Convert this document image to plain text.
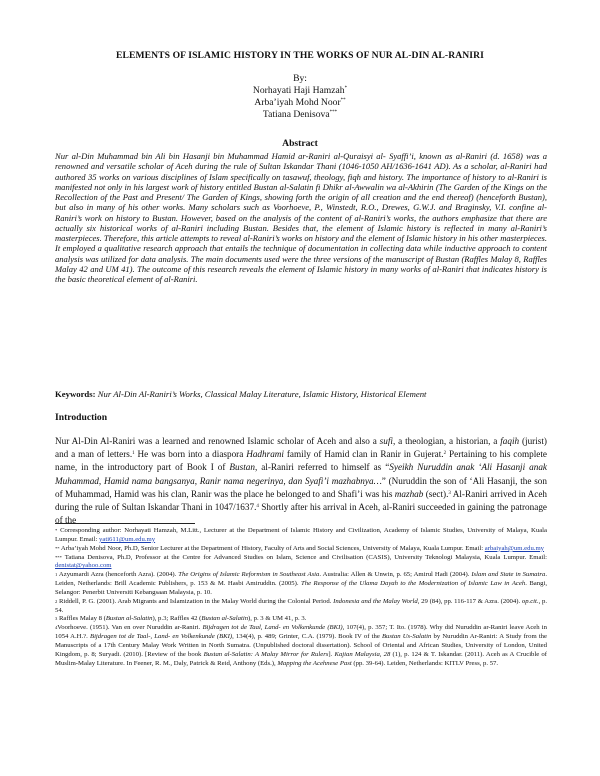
ELEMENTS OF ISLAMIC HISTORY IN THE WORKS OF NUR AL-DIN AL-RANIRI
By:
Norhayati Haji Hamzah*
Arba’iyah Mohd Noor**
Tatiana Denisova***
Abstract
Nur al-Din Muhammad bin Ali bin Hasanji bin Muhammad Hamid ar-Raniri al-Quraisyi al- Syaffi’i, known as al-Raniri (d. 1658) was a renowned and versatile scholar of Aceh during the rule of Sultan Iskandar Thani (1046-1050 AH/1636-1641 AD). As a scholar, al-Raniri had authored 35 works on various disciplines of Islam specifically on tasawuf, theology, fiqh and history. The importance of history to al-Raniri is manifested not only in his largest work of history entitled Bustan al-Salatin fi Dhikr al-Awwalin wa al-Akhirin (The Garden of the Kings on the Recollection of the Past and Present/ The Garden of Kings, showing forth the origin of all creation and the end thereof) (henceforth Bustan), but also in many of his other works. Many scholars such as Voorhoeve, P., Winstedt, R.O., Drewes, G.W.J. and Braginsky, V.I. confine al-Raniri’s work on history to Bustan. However, based on the analysis of the content of al-Raniri’s works, the authors emphasize that there are actually six historical works of al-Raniri including Bustan. Besides that, the element of Islamic history is reflected in many al-Raniri’s masterpieces. Therefore, this article attempts to reveal al-Raniri’s works on history and the element of Islamic history in his other masterpieces. It employed a qualitative research approach that entails the technique of documentation in collecting data while inductive approach to content analysis was utilized for data analysis. The main documents used were the three versions of the manuscript of Bustan (Raffles Malay 8, Raffles Malay 42 and UM 41). The outcome of this research reveals the element of Islamic history in many works of al-Raniri that indicates history is the basic theoretical element of al-Raniri.
Keywords: Nur Al-Din Al-Raniri’s Works, Classical Malay Literature, Islamic History, Historical Element
Introduction
Nur Al-Din Al-Raniri was a learned and renowned Islamic scholar of Aceh and also a sufi, a theologian, a historian, a faqih (jurist) and a man of letters.$^1$ He was born into a diaspora Hadhrami family of Hamid clan in Ranir in Gujerat.$^2$ Pertaining to his complete name, in the introductory part of Book I of Bustan, al-Raniri referred to himself as “Syeikh Nuruddin anak ‘Ali Hasanji anak Muhammad, Hamid nama bangsanya, Ranir nama negerinya, dan Syafi’i mazhabnya…” (Nuruddin the son of ‘Ali Hasanji, the son of Muhammad, Hamid was his clan, Ranir was the place he belonged to and Shafi’i was his mazhab (sect).$^3$ Al-Raniri arrived in Aceh during the rule of Sultan Iskandar Thani in 1047/1637.$^4$ Shortly after his arrival in Aceh, al-Raniri succeeded in gaining the patronage of the

* Corresponding author: Norhayati Hamzah, M.Litt., Lecturer at the Department of Islamic History and Civilization, Academy of Islamic Studies, University of Malaya, Kuala Lumpur. Email: yati611@um.edu.my

** Arba’iyah Mohd Noor, Ph.D, Senior Lecturer at the Department of History, Faculty of Arts and Social Sciences, University of Malaya, Kuala Lumpur. Email: arbaiyah@um.edu.my

*** Tatiana Denisova, Ph.D, Professor at the Centre for Advanced Studies on Islam, Science and Civilisation (CASIS), University Teknologi Malaysia, Kuala Lumpur. Email: denistat@yahoo.com

$^1$ Azyumardi Azra (henceforth Azra). (2004). The Origins of Islamic Reformism in Southeast Asia. Australia: Allen & Unwin, p. 65; Amirul Hadi (2004). Islam and State in Sumatra. Leiden, Netherlands: Brill Academic Publishers, p. 153 & M. Hasbi Amiruddin. (2005). The Response of the Ulama Dayah to the Modernization of Islamic Law in Aceh. Bangi, Selangor: Penerbit Universiti Kebangsaan Malaysia, p. 10.

$^2$ Riddell, P. G. (2001). Arab Migrants and Islamization in the Malay World during the Colonial Period. Indonesia and the Malay World, 29 (84), pp. 116-117 & Azra. (2004). op.cit., p. 54.

$^3$ Raffles Malay 8 (Bustan al-Salatin), p.3; Raffles 42 (Bustan al-Salatin), p. 3 & UM 41, p. 3.

$^4$Voorhoeve. (1951). Van en over Nuruddin ar-Raniri. Bijdragen tot de Taal, Land- en Volkenkunde (BKI), 107(4), p. 357; T. Ito. (1978). Why did Nuruddin ar-Raniri leave Aceh in 1054 A.H.?. Bijdragen tot de Taal-, Land- en Volkenkunde (BKI), 134(4), p. 489; Grinter, C.A. (1979). Book IV of the Bustan Us-Salatin by Nuruddin Ar-Raniri: A Study from the Manuscripts of a 17th Century Malay Work Written in North Sumatra. (Unpublished doctoral dissertation). School of Oriental and African Studies, University of London, United Kingdom, p. 8; Suryadi. (2010). [Review of the book Bustan al-Salatin: A Malay Mirror for Rulers]. Kajian Malaysia, 28 (1), p. 124 & T. Iskandar. (2011). Aceh as A Crucible of Muslim-Malay Literature. In Feener, R. M., Daly, Patrick & Reid, Anthony (Eds.), Mapping the Acehnese Past (pp. 39-64). Leiden, Netherlands: KITLV Press, p. 57.
